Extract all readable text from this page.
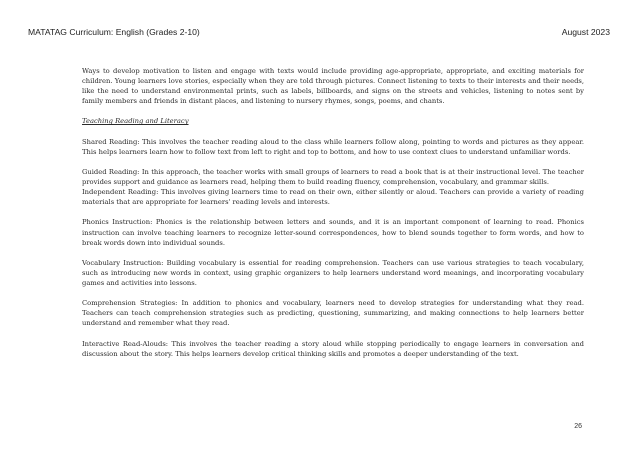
MATATAG Curriculum: English (Grades 2-10)	August 2023

Ways to develop motivation to listen and engage with texts would include providing age-appropriate, appropriate, and exciting materials for children. Young learners love stories, especially when they are told through pictures. Connect listening to texts to their interests and their needs, like the need to understand environmental prints, such as labels, billboards, and signs on the streets and vehicles, listening to notes sent by family members and friends in distant places, and listening to nursery rhymes, songs, poems, and chants.

Teaching Reading and Literacy

Shared Reading: This involves the teacher reading aloud to the class while learners follow along, pointing to words and pictures as they appear. This helps learners learn how to follow text from left to right and top to bottom, and how to use context clues to understand unfamiliar words.

Guided Reading: In this approach, the teacher works with small groups of learners to read a book that is at their instructional level. The teacher provides support and guidance as learners read, helping them to build reading fluency, comprehension, vocabulary, and grammar skills.

Independent Reading: This involves giving learners time to read on their own, either silently or aloud. Teachers can provide a variety of reading materials that are appropriate for learners' reading levels and interests.

Phonics Instruction: Phonics is the relationship between letters and sounds, and it is an important component of learning to read. Phonics instruction can involve teaching learners to recognize letter-sound correspondences, how to blend sounds together to form words, and how to break words down into individual sounds.

Vocabulary Instruction: Building vocabulary is essential for reading comprehension. Teachers can use various strategies to teach vocabulary, such as introducing new words in context, using graphic organizers to help learners understand word meanings, and incorporating vocabulary games and activities into lessons.

Comprehension Strategies: In addition to phonics and vocabulary, learners need to develop strategies for understanding what they read. Teachers can teach comprehension strategies such as predicting, questioning, summarizing, and making connections to help learners better understand and remember what they read.

Interactive Read-Alouds: This involves the teacher reading a story aloud while stopping periodically to engage learners in conversation and discussion about the story. This helps learners develop critical thinking skills and promotes a deeper understanding of the text.

26
